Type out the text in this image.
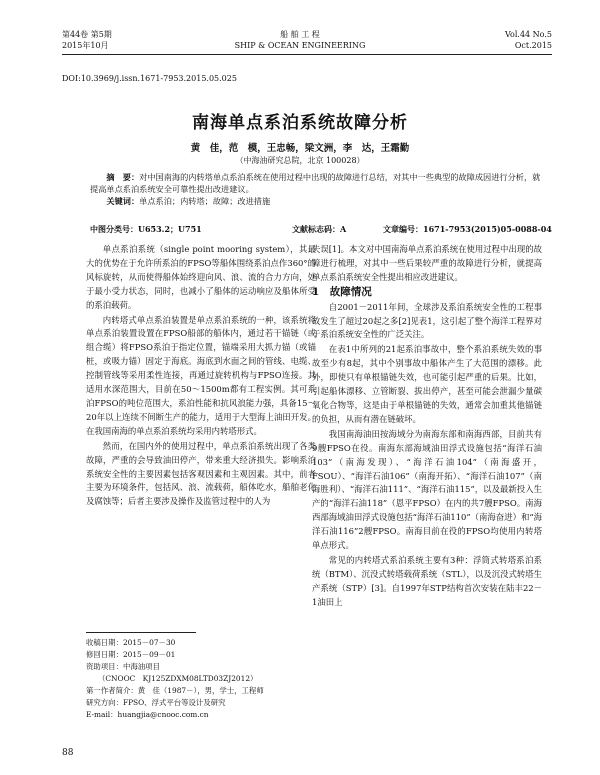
第44卷 第5期
2015年10月
船 舶 工 程
SHIP & OCEAN ENGINEERING
Vol.44 No.5
Oct.2015
DOI:10.3969/j.issn.1671-7953.2015.05.025
南海单点系泊系统故障分析
黄　佳，范　模，王忠畅，梁文洲，李　达，王霜勤
（中海油研究总院，北京 100028）
摘　要：对中国南海的内转塔单点系泊系统在使用过程中出现的故障进行总结，对其中一些典型的故障成因进行分析，就提高单点系泊系统安全可靠性提出改进建议。
关键词：单点系泊；内转塔；故障；改进措施
中图分类号：U653.2；U751	文献标志码：A	文章编号：1671-7953(2015)05-0088-04

单点系泊系统（single point mooring system），其最大的优势在于允许所系泊的FPSO等船体围绕系泊点作360°的风标旋转，从而使得船体始终迎向风、浪、流的合力方向，处于最小受力状态，同时，也减小了船体的运动响应及船体所受的系泊载荷。

内转塔式单点系泊装置是单点系泊系统的一种，该系统将单点系泊装置设置在FPSO船部的船体内，通过若干锚链（或组合缆）将FPSO系泊于指定位置，锚端采用大抓力锚（或锚桩，或吸力锚）固定于海底。海底到水面之间的管线、电缆、控制管线等采用柔性连接，再通过旋转机构与FPSO连接。其适用水深范围大，目前在50～1500m都有工程实例。其可系泊FPSO的吨位范围大，系泊性能和抗风浪能力强，具备15～20年以上连续不间断生产的能力，适用于大型海上油田开发。在我国南海的单点系泊系统均采用内转塔形式。

然而，在国内外的使用过程中，单点系泊系统出现了各类故障，严重的会导致油田停产，带来重大经济损失。影响系泊系统安全性的主要因素包括客观因素和主观因素。其中，前者主要为环境条件，包括风、浪、流载荷，船体吃水，船舶老化及腐蚀等；后者主要涉及操作及监管过程中的人为

失误[1]。本文对中国南海单点系泊系统在使用过程中出现的故障进行梳理，对其中一些后果较严重的故障进行分析，就提高单点系泊系统安全性提出相应改进建议。

1　故障情况

自2001－2011年间，全球涉及系泊系统安全性的工程事故发生了超过20起之多[2]见表1，这引起了整个海洋工程界对于系泊系统安全性的广泛关注。

在表1中所列的21起系泊事故中，整个系泊系统失效的事故至少有8起，其中个别事故中船体产生了大范围的漂移。此外，即使只有单根锚链失效，也可能引起严重的后果。比如，引起船体漂移、立管断裂、拔出停产，甚至可能会泄漏少量碳氧化合物等，这是由于单根锚链的失效，通常会加重其他锚链的负担，从而有潜在链破坏。

我国南海油田按海域分为南海东部和南海西部，目前共有9艘FPSO在役。南海东部海域油田浮式设施包括“海洋石油103”（南海发现）、“海洋石油104”（南海盛开，FSOU）、“海洋石油106”（南海开拓）、“海洋石油107”（南海胜利）、“海洋石油111”、“海洋石油115”，以及最新投入生产的“海洋石油118”（恩平FPSO）在内的共7艘FPSO。南海西部海域油田浮式设施包括“海洋石油110”（南海奋进）和“海洋石油116”2艘FPSO。南海目前在役的FPSO均使用内转塔单点形式。

常见的内转塔式系泊系统主要有3种：浮筒式转塔系泊系统（BTM）、沉没式转塔载荷系统（STL），以及沉没式转塔生产系统（STP）[3]。自1997年STP结构首次安装在陆丰22－1油田上

收稿日期：2015－07－30
修回日期：2015－09－01
资助项目：中海油项目
（CNOOC　KJ125ZDXM08LTD03ZJ2012）
第一作者简介：黄　佳（1987－），男，学士，工程师
研究方向：FPSO、浮式平台等设计及研究
E-mail：huangjia@cnooc.com.cn
88
